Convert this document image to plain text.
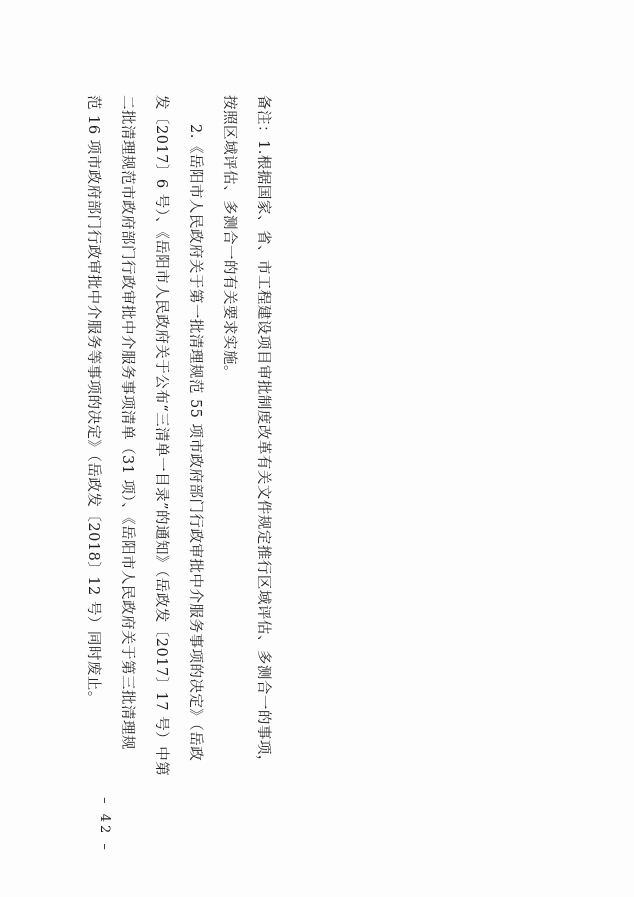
备注：1.根据国家、省、市工程建设项目审批制度改革有关文件规定推行区域评估、多测合一的事项，

按照区域评估、多测合一的有关要求实施。

2.《岳阳市人民政府关于第一批清理规范 55 项市政府部门行政审批中介服务事项的决定》（岳政

发〔2017〕6 号）、《岳阳市人民政府关于公布“三清单一目录”的通知》（岳政发〔2017〕17 号）中第

二批清理规范市政府部门行政审批中介服务事项清单（31 项）、《岳阳市人民政府关于第三批清理规

范 16 项市政府部门行政审批中介服务等事项的决定》（岳政发〔2018〕12 号）同时废止。

– 42 –
